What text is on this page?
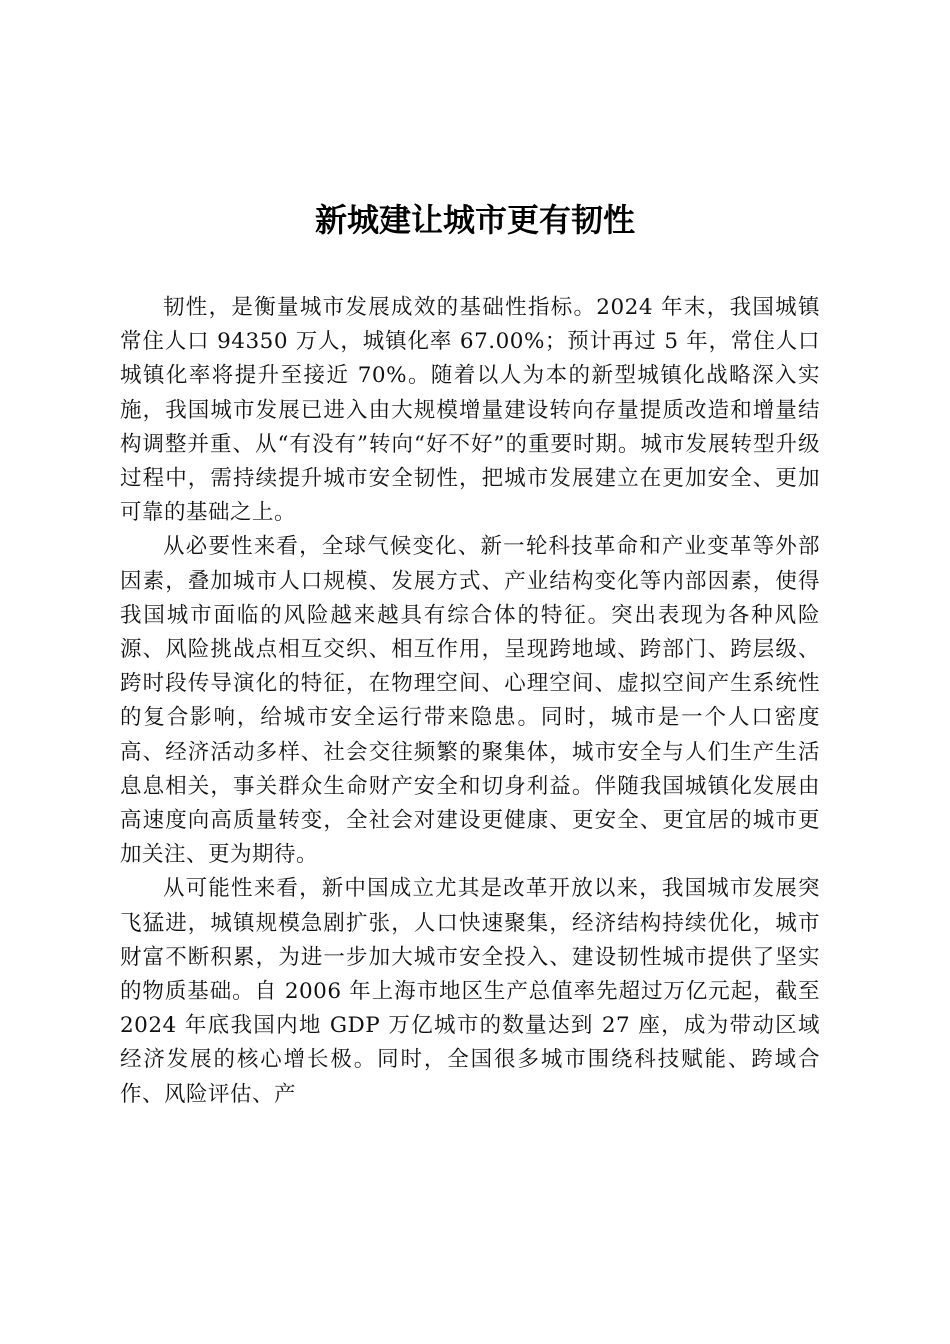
新城建让城市更有韧性

韧性，是衡量城市发展成效的基础性指标。2024 年末，我国城镇常住人口 94350 万人，城镇化率 67.00%；预计再过 5 年，常住人口城镇化率将提升至接近 70%。随着以人为本的新型城镇化战略深入实施，我国城市发展已进入由大规模增量建设转向存量提质改造和增量结构调整并重、从“有没有”转向“好不好”的重要时期。城市发展转型升级过程中，需持续提升城市安全韧性，把城市发展建立在更加安全、更加可靠的基础之上。

从必要性来看，全球气候变化、新一轮科技革命和产业变革等外部因素，叠加城市人口规模、发展方式、产业结构变化等内部因素，使得我国城市面临的风险越来越具有综合体的特征。突出表现为各种风险源、风险挑战点相互交织、相互作用，呈现跨地域、跨部门、跨层级、跨时段传导演化的特征，在物理空间、心理空间、虚拟空间产生系统性的复合影响，给城市安全运行带来隐患。同时，城市是一个人口密度高、经济活动多样、社会交往频繁的聚集体，城市安全与人们生产生活息息相关，事关群众生命财产安全和切身利益。伴随我国城镇化发展由高速度向高质量转变，全社会对建设更健康、更安全、更宜居的城市更加关注、更为期待。

从可能性来看，新中国成立尤其是改革开放以来，我国城市发展突飞猛进，城镇规模急剧扩张，人口快速聚集，经济结构持续优化，城市财富不断积累，为进一步加大城市安全投入、建设韧性城市提供了坚实的物质基础。自 2006 年上海市地区生产总值率先超过万亿元起，截至 2024 年底我国内地 GDP 万亿城市的数量达到 27 座，成为带动区域经济发展的核心增长极。同时，全国很多城市围绕科技赋能、跨域合作、风险评估、产
